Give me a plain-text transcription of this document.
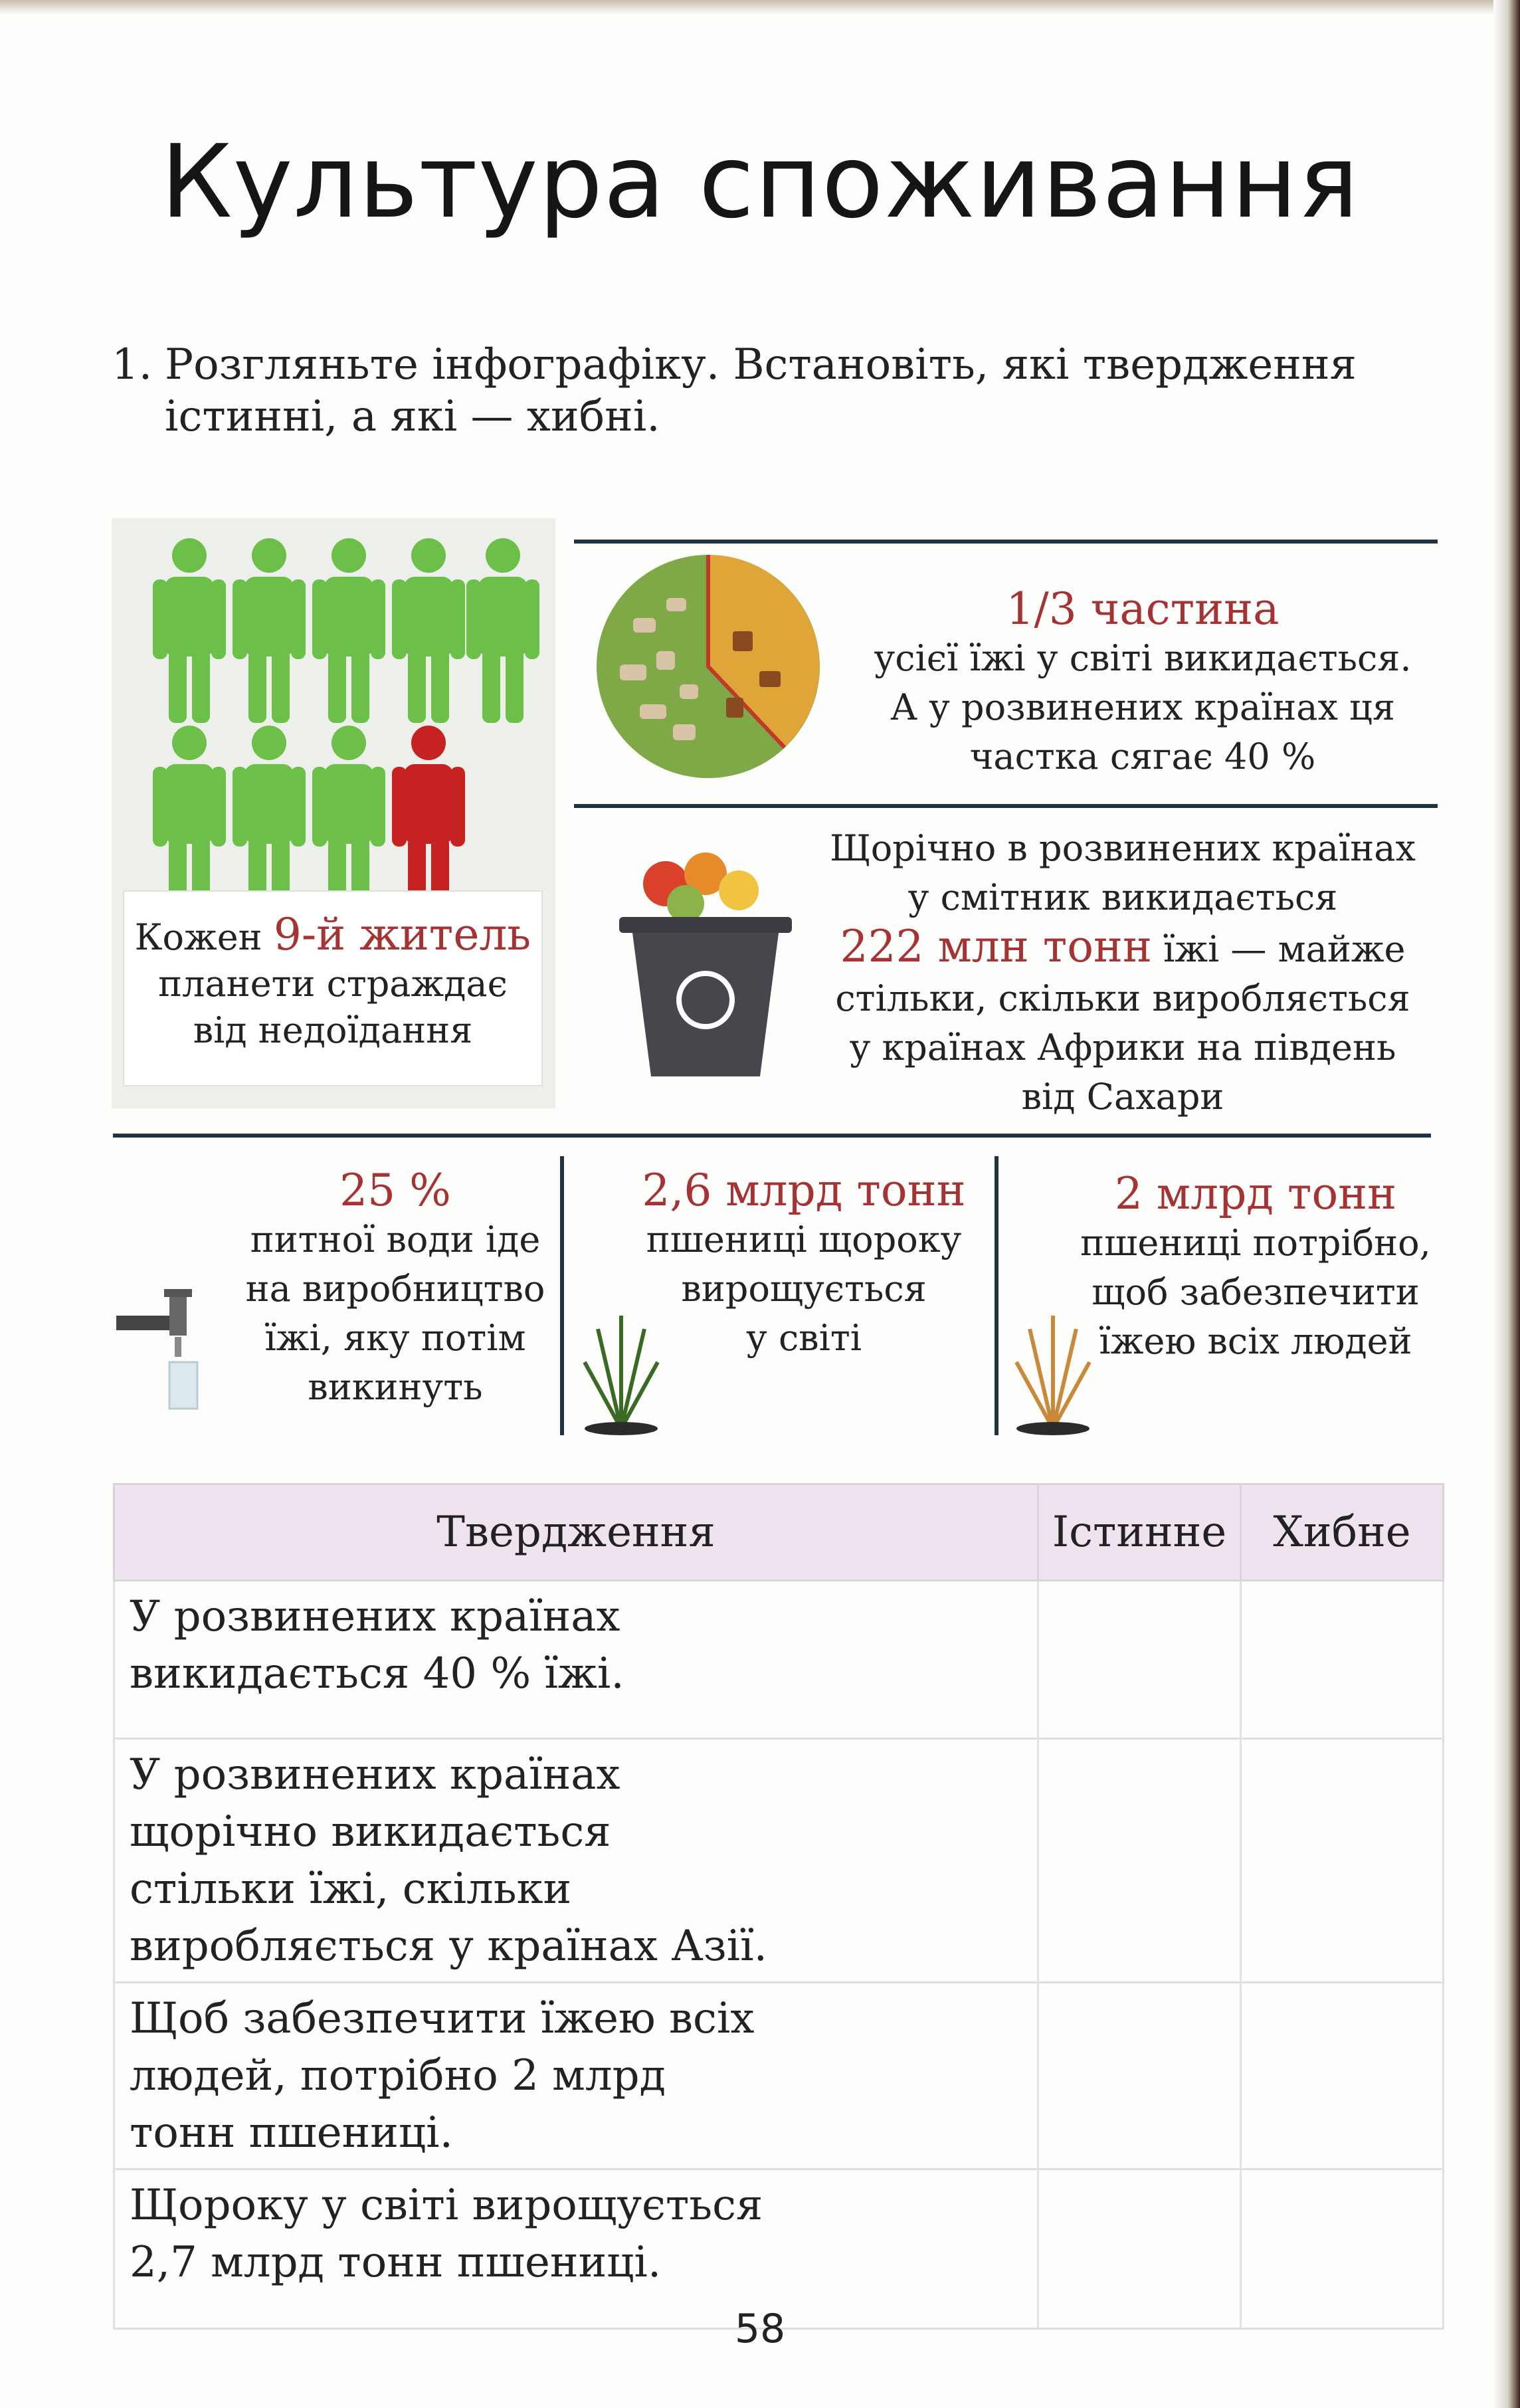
Культура споживання
1. Розгляньте інфографіку. Встановіть, які твердження істинні, а які — хибні.
Кожен 9-й житель
планети страждає
від недоїдання
1/3 частина
усієї їжі у світі викидається.
А у розвинених країнах ця
частка сягає 40 %
Щорічно в розвинених країнах
у смітник викидається
222 млн тонн їжі — майже
стільки, скільки виробляється
у країнах Африки на південь
від Сахари
25 %
питної води іде
на виробництво
їжі, яку потім
викинуть
2,6 млрд тонн
пшениці щороку
вирощується
у світі
2 млрд тонн
пшениці потрібно,
щоб забезпечити
їжею всіх людей
Твердження	Істинне	Хибне
У розвинених країнах викидається 40 % їжі.		
У розвинених країнах щорічно викидається стільки їжі, скільки виробляється у країнах Азії.		
Щоб забезпечити їжею всіх людей, потрібно 2 млрд тонн пшениці.		
Щороку у світі вирощується 2,7 млрд тонн пшениці.		
58
